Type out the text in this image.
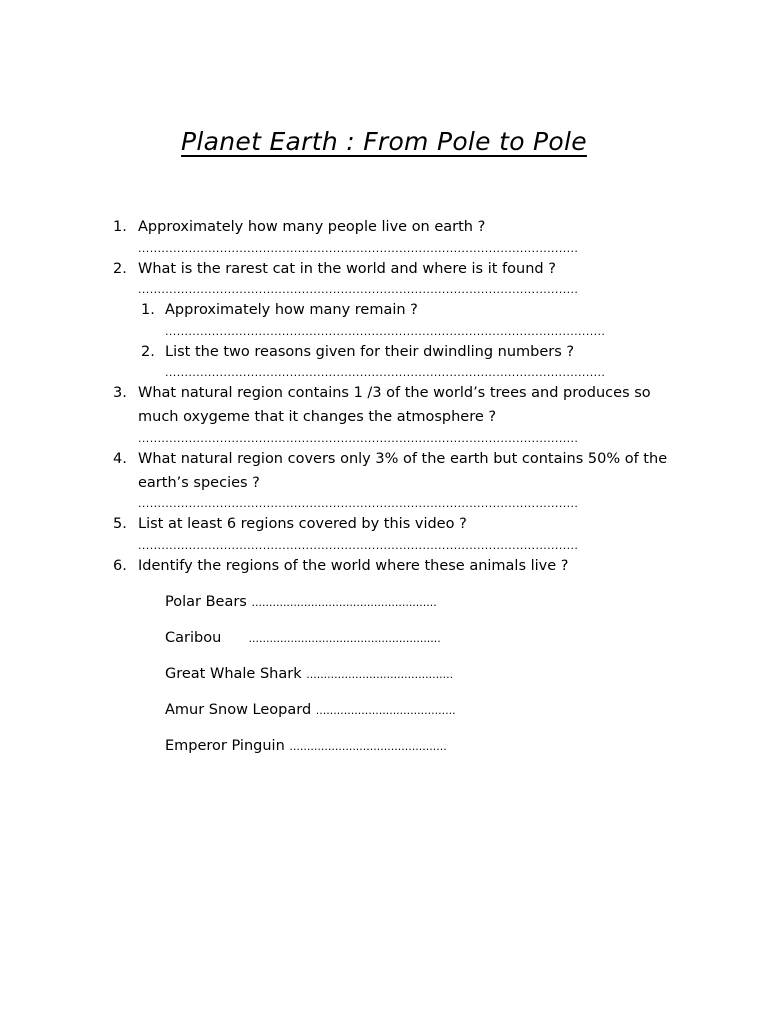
Planet Earth : From Pole to Pole
1. Approximately how many people live on earth ?
.................................................................................................................
2. What is the rarest cat in the world and where is it found ?
.................................................................................................................
1. Approximately how many remain ?
.................................................................................................................
2. List the two reasons given for their dwindling numbers ?
.................................................................................................................
3. What natural region contains 1 /3 of the world’s trees and produces so
much oxygeme that it changes the atmosphere ?
.................................................................................................................
4. What natural region covers only 3% of the earth but contains 50% of the
earth’s species ?
.................................................................................................................
5. List at least 6 regions covered by this video ?
.................................................................................................................
6. Identify the regions of the world where these animals live ?
Polar Bears .....................................................
Caribou .......................................................
Great Whale Shark ..........................................
Amur Snow Leopard ........................................
Emperor Pinguin .............................................
